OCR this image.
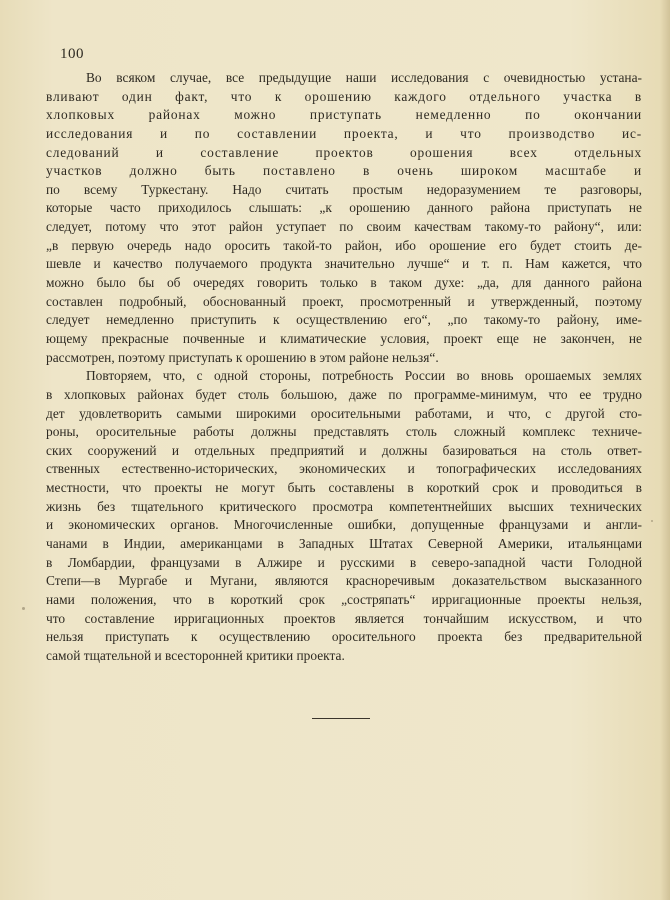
100
Во всяком случае, все предыдущие наши исследования с очевидностью устана-
вливают один факт, что к орошению каждого отдельного участка в
хлопковых районах можно приступать немедленно по окончании
исследования и по составлении проекта, и что производство ис-
следований и составление проектов орошения всех отдельных
участков должно быть поставлено в очень широком масштабе и
по всему Туркестану. Надо считать простым недоразумением те разговоры,
которые часто приходилось слышать: „к орошению данного района приступать не
следует, потому что этот район уступает по своим качествам такому-то району“, или:
„в первую очередь надо оросить такой-то район, ибо орошение его будет стоить де-
шевле и качество получаемого продукта значительно лучше“ и т. п. Нам кажется, что
можно было бы об очередях говорить только в таком духе: „да, для данного района
составлен подробный, обоснованный проект, просмотренный и утвержденный, поэтому
следует немедленно приступить к осуществлению его“, „по такому-то району, име-
ющему прекрасные почвенные и климатические условия, проект еще не закончен, не
рассмотрен, поэтому приступать к орошению в этом районе нельзя“.
Повторяем, что, с одной стороны, потребность России во вновь орошаемых землях
в хлопковых районах будет столь большою, даже по программе-минимум, что ее трудно
дет удовлетворить самыми широкими оросительными работами, и что, с другой сто-
роны, оросительные работы должны представлять столь сложный комплекс техниче-
ских сооружений и отдельных предприятий и должны базироваться на столь ответ-
ственных естественно-исторических, экономических и топографических исследованиях
местности, что проекты не могут быть составлены в короткий срок и проводиться в
жизнь без тщательного критического просмотра компетентнейших высших технических
и экономических органов. Многочисленные ошибки, допущенные французами и англи-
чанами в Индии, американцами в Западных Штатах Северной Америки, итальянцами
в Ломбардии, французами в Алжире и русскими в северо-западной части Голодной
Степи—в Мургабе и Мугани, являются красноречивым доказательством высказанного
нами положения, что в короткий срок „состряпать“ ирригационные проекты нельзя,
что составление ирригационных проектов является тончайшим искусством, и что
нельзя приступать к осуществлению оросительного проекта без предварительной
самой тщательной и всесторонней критики проекта.
